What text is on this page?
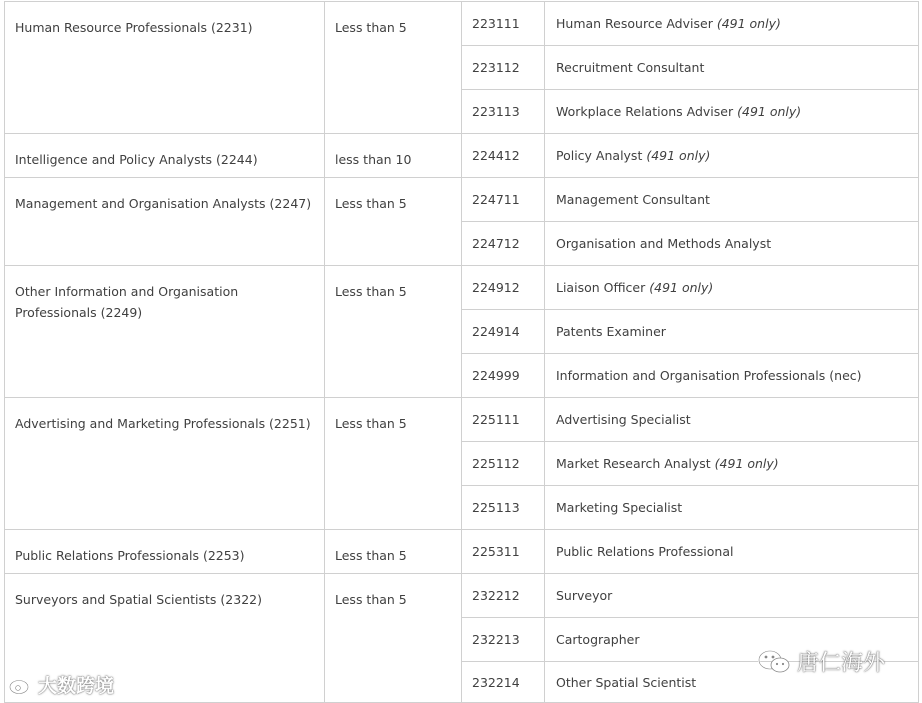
Human Resource Professionals (2231)	Less than 5	223111	Human Resource Adviser (491 only)
		223112	Recruitment Consultant
		223113	Workplace Relations Adviser (491 only)
Intelligence and Policy Analysts (2244)	less than 10	224412	Policy Analyst (491 only)
Management and Organisation Analysts (2247)	Less than 5	224711	Management Consultant
		224712	Organisation and Methods Analyst
Other Information and Organisation Professionals (2249)	Less than 5	224912	Liaison Officer (491 only)
		224914	Patents Examiner
		224999	Information and Organisation Professionals (nec)
Advertising and Marketing Professionals (2251)	Less than 5	225111	Advertising Specialist
		225112	Market Research Analyst (491 only)
		225113	Marketing Specialist
Public Relations Professionals (2253)	Less than 5	225311	Public Relations Professional
Surveyors and Spatial Scientists (2322)	Less than 5	232212	Surveyor
		232213	Cartographer
		232214	Other Spatial Scientist
大数跨境
唐仁海外
